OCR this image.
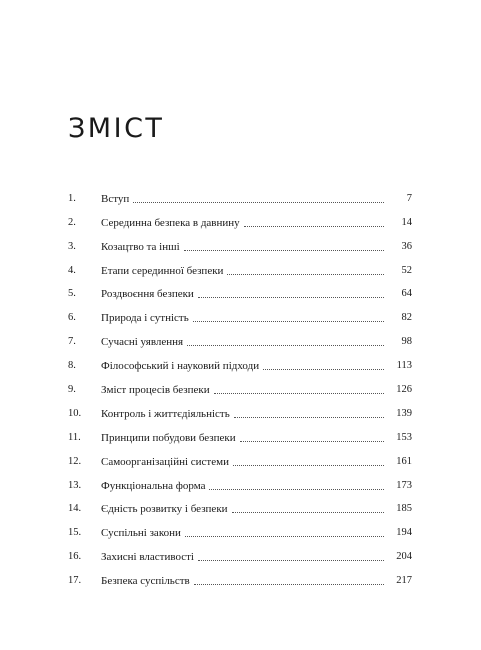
ЗМІСТ
1.	Вступ	7
2.	Серединна безпека в давнину	14
3.	Козацтво та інші	36
4.	Етапи серединної безпеки	52
5.	Роздвоєння безпеки	64
6.	Природа і сутність	82
7.	Сучасні уявлення	98
8.	Філософський і науковий підходи	113
9.	Зміст процесів безпеки	126
10.	Контроль і життєдіяльність	139
11.	Принципи побудови безпеки	153
12.	Самоорганізаційні системи	161
13.	Функціональна форма	173
14.	Єдність розвитку і безпеки	185
15.	Суспільні закони	194
16.	Захисні властивості	204
17.	Безпека суспільств	217
